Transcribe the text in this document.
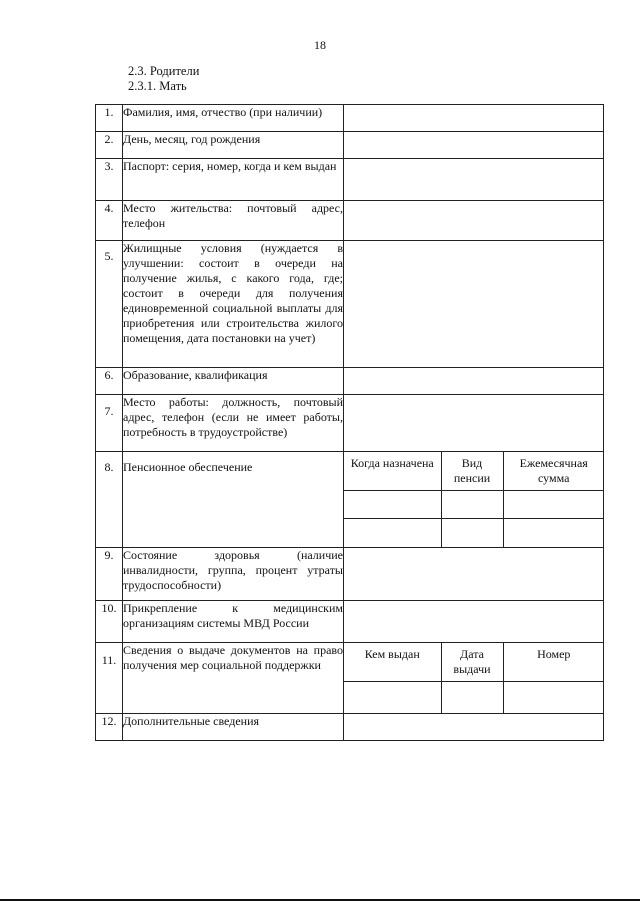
18
2.3. Родители
2.3.1. Мать
1.	Фамилия, имя, отчество (при наличии)	
2.	День, месяц, год рождения	
3.	Паспорт: серия, номер, когда и кем выдан	
4.	Место жительства: почтовый адрес, телефон	
5.	Жилищные условия (нуждается в улучшении: состоит в очереди на получение жилья, с какого года, где; состоит в очереди для получения единовременной социальной выплаты для приобретения или строительства жилого помещения, дата постановки на учет)	
6.	Образование, квалификация	
7.	Место работы: должность, почтовый адрес, телефон (если не имеет работы, потребность в трудоустройстве)	
8.	Пенсионное обеспечение		Когда назначена	Вид пенсии	Ежемесячная сумма

9.	Состояние здоровья (наличие инвалидности, группа, процент утраты трудоспособности)	
10.	Прикрепление к медицинским организациям системы МВД России	
11.	Сведения о выдаче документов на право получения мер социальной поддержки	
Кем выдан	Дата выдачи	Номер

12.	Дополнительные сведения	
